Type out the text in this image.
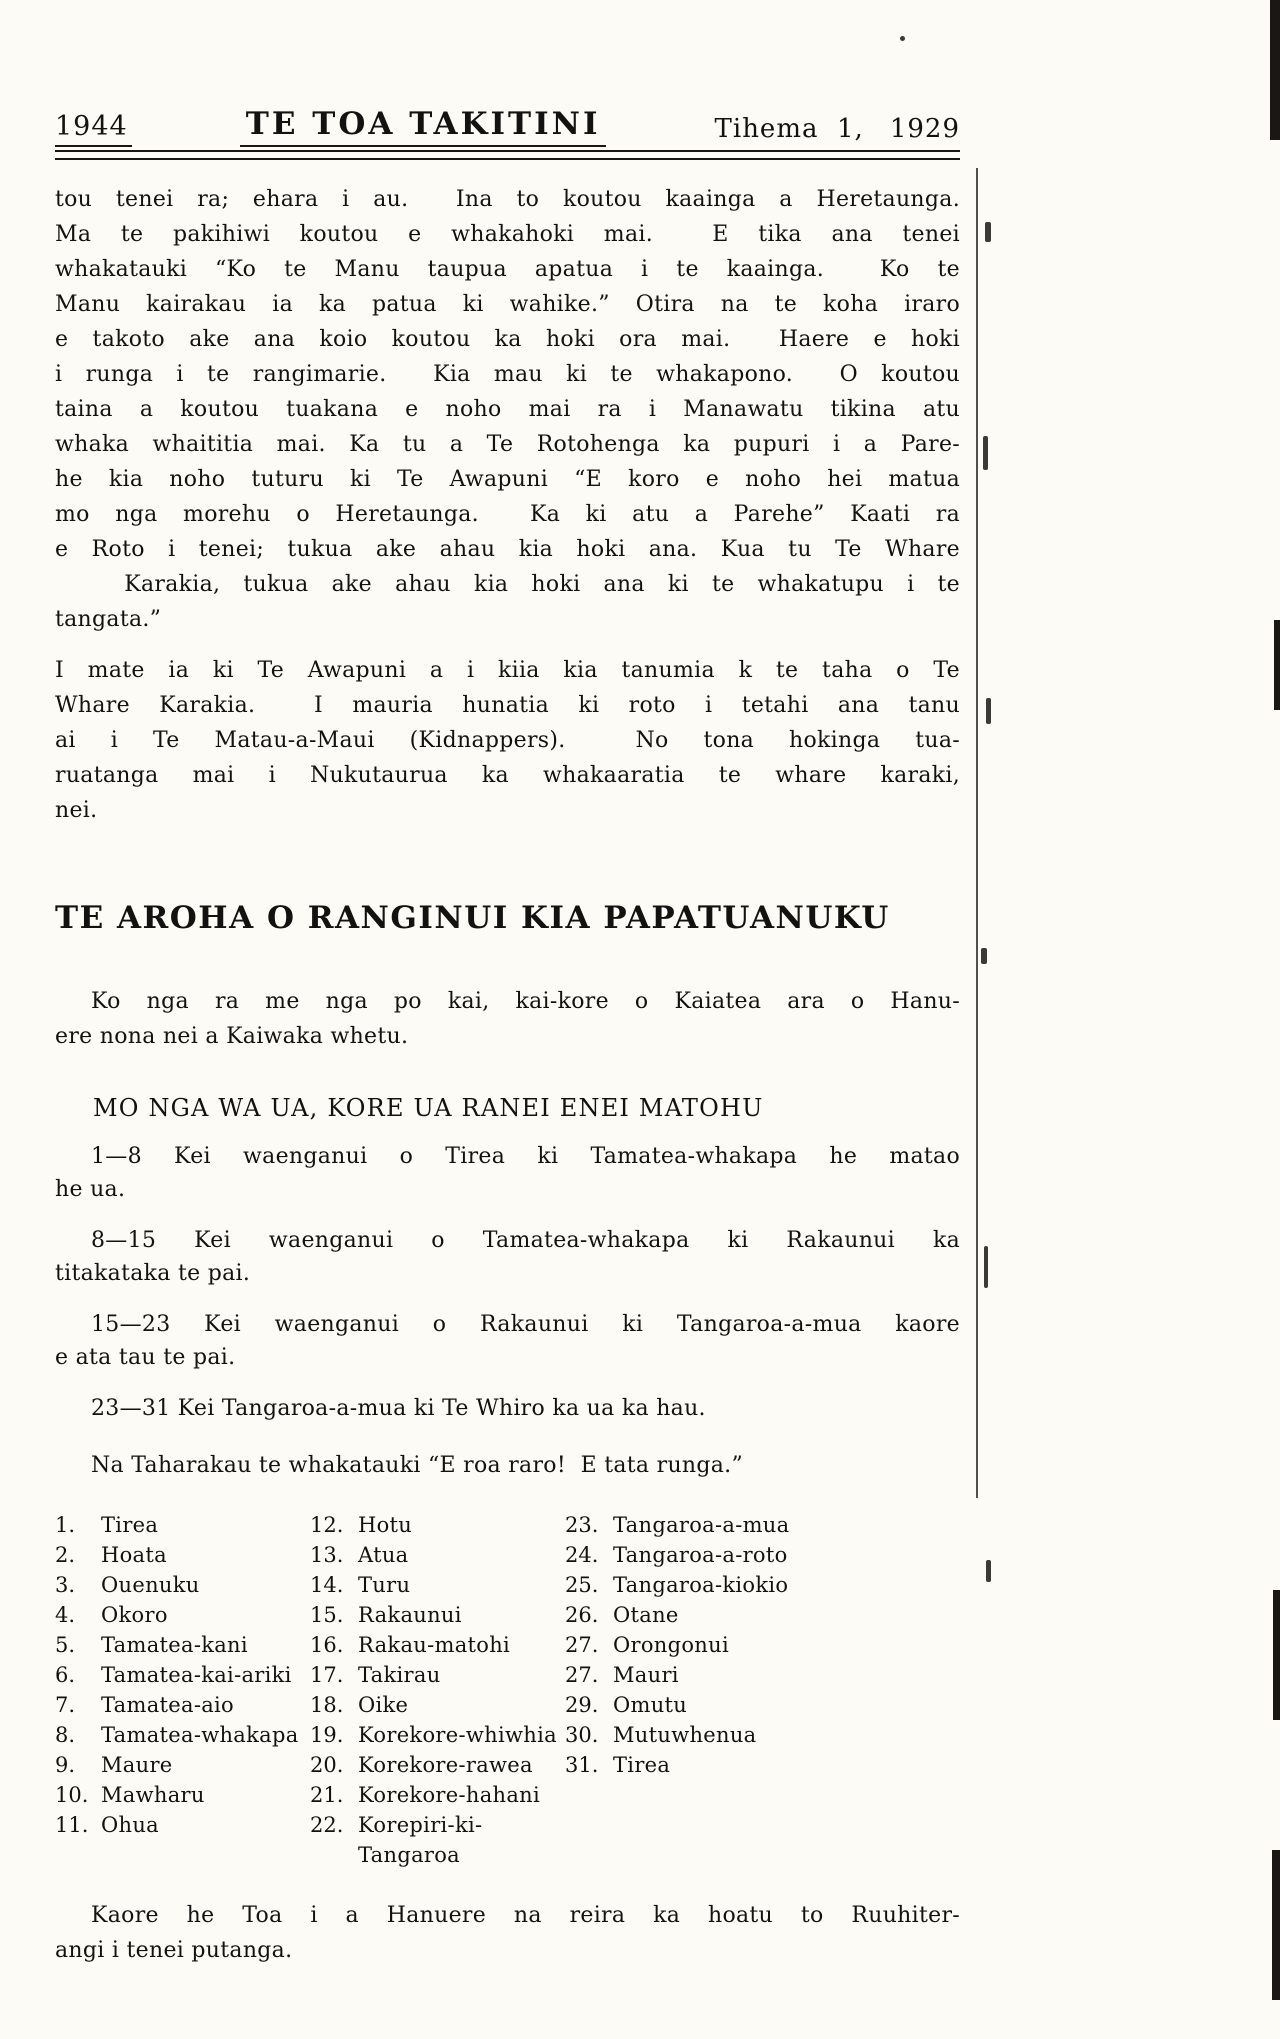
1944	TE TOA TAKITINI	Tihema 1, 1929
tou tenei ra; ehara i au.  Ina to koutou kaainga a Heretaunga.
Ma te pakihiwi koutou e whakahoki mai.  E tika ana tenei
whakatauki “Ko te Manu taupua apatua i te kaainga.  Ko te
Manu kairakau ia ka patua ki wahike.” Otira na te koha iraro
e takoto ake ana koio koutou ka hoki ora mai.  Haere e hoki
i runga i te rangimarie.  Kia mau ki te whakapono.  O koutou
taina a koutou tuakana e noho mai ra i Manawatu tikina atu
whaka whaititia mai. Ka tu a Te Rotohenga ka pupuri i a Pare-
he kia noho tuturu ki Te Awapuni “E koro e noho hei matua
mo nga morehu o Heretaunga.  Ka ki atu a Parehe” Kaati ra
e Roto i tenei; tukua ake ahau kia hoki ana. Kua tu Te Whare
Karakia, tukua ake ahau kia hoki ana ki te whakatupu i te
tangata.”
I mate ia ki Te Awapuni a i kiia kia tanumia k te taha o Te
Whare Karakia.  I mauria hunatia ki roto i tetahi ana tanu
ai i Te Matau-a-Maui (Kidnappers).  No tona hokinga tua-
ruatanga mai i Nukutaurua ka whakaaratia te whare karaki,
nei.
TE AROHA O RANGINUI KIA PAPATUANUKU
Ko nga ra me nga po kai, kai-kore o Kaiatea ara o Hanu-
ere nona nei a Kaiwaka whetu.
MO NGA WA UA, KORE UA RANEI ENEI MATOHU
1—8 Kei waenganui o Tirea ki Tamatea-whakapa he matao
he ua.
8—15 Kei waenganui o Tamatea-whakapa ki Rakaunui ka
titakataka te pai.
15—23 Kei waenganui o Rakaunui ki Tangaroa-a-mua kaore
e ata tau te pai.
23—31 Kei Tangaroa-a-mua ki Te Whiro ka ua ka hau.
Na Taharakau te whakatauki “E roa raro!  E tata runga.”
1.	Tirea
2.	Hoata
3.	Ouenuku
4.	Okoro
5.	Tamatea-kani
6.	Tamatea-kai-ariki
7.	Tamatea-aio
8.	Tamatea-whakapa
9.	Maure
10. Mawharu
11. Ohua
12. Hotu
13. Atua
14. Turu
15. Rakaunui
16. Rakau-matohi
17. Takirau
18. Oike
19. Korekore-whiwhia
20. Korekore-rawea
21. Korekore-hahani
22. Korepiri-ki-Tangaroa
23. Tangaroa-a-mua
24. Tangaroa-a-roto
25. Tangaroa-kiokio
26. Otane
27. Orongonui
27. Mauri
29. Omutu
30. Mutuwhenua
31. Tirea
Kaore he Toa i a Hanuere na reira ka hoatu to Ruuhiter-
angi i tenei putanga.
